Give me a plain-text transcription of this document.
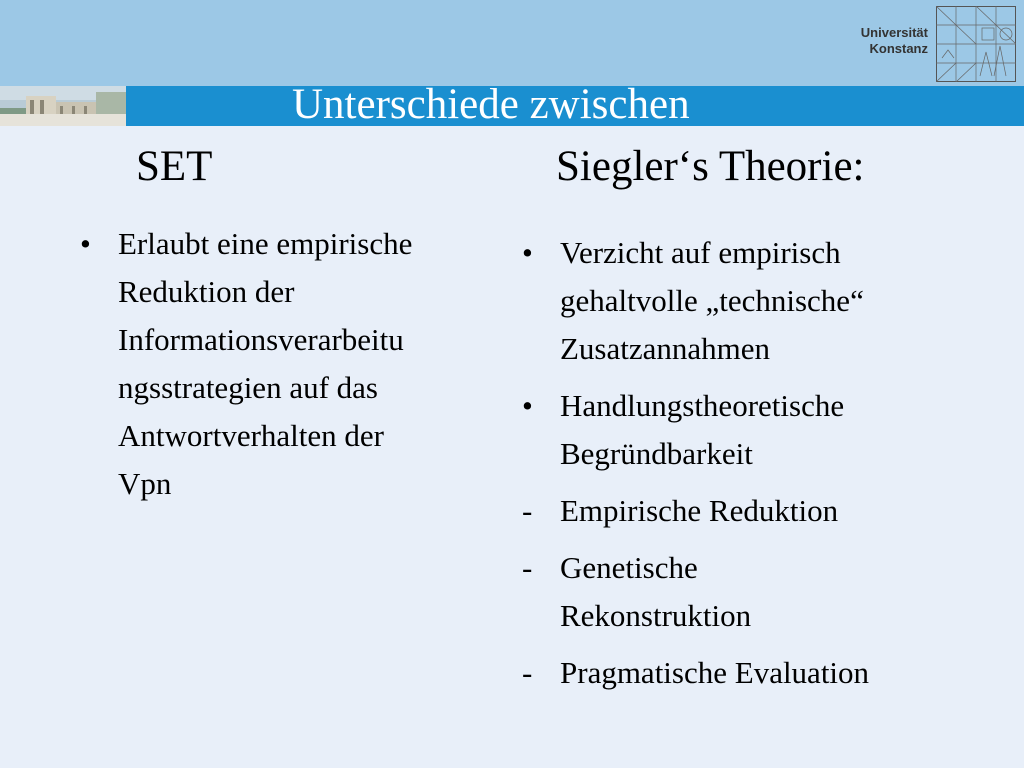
Universität
Konstanz
Unterschiede zwischen
SET	Siegler‘s Theorie:
• Erlaubt eine empirische
Reduktion der
Informationsverarbeitu
ngsstrategien auf das
Antwortverhalten der
Vpn
• Verzicht auf empirisch
gehaltvolle „technische“
Zusatzannahmen
• Handlungstheoretische
Begründbarkeit
- Empirische Reduktion
- Genetische
Rekonstruktion
- Pragmatische Evaluation
